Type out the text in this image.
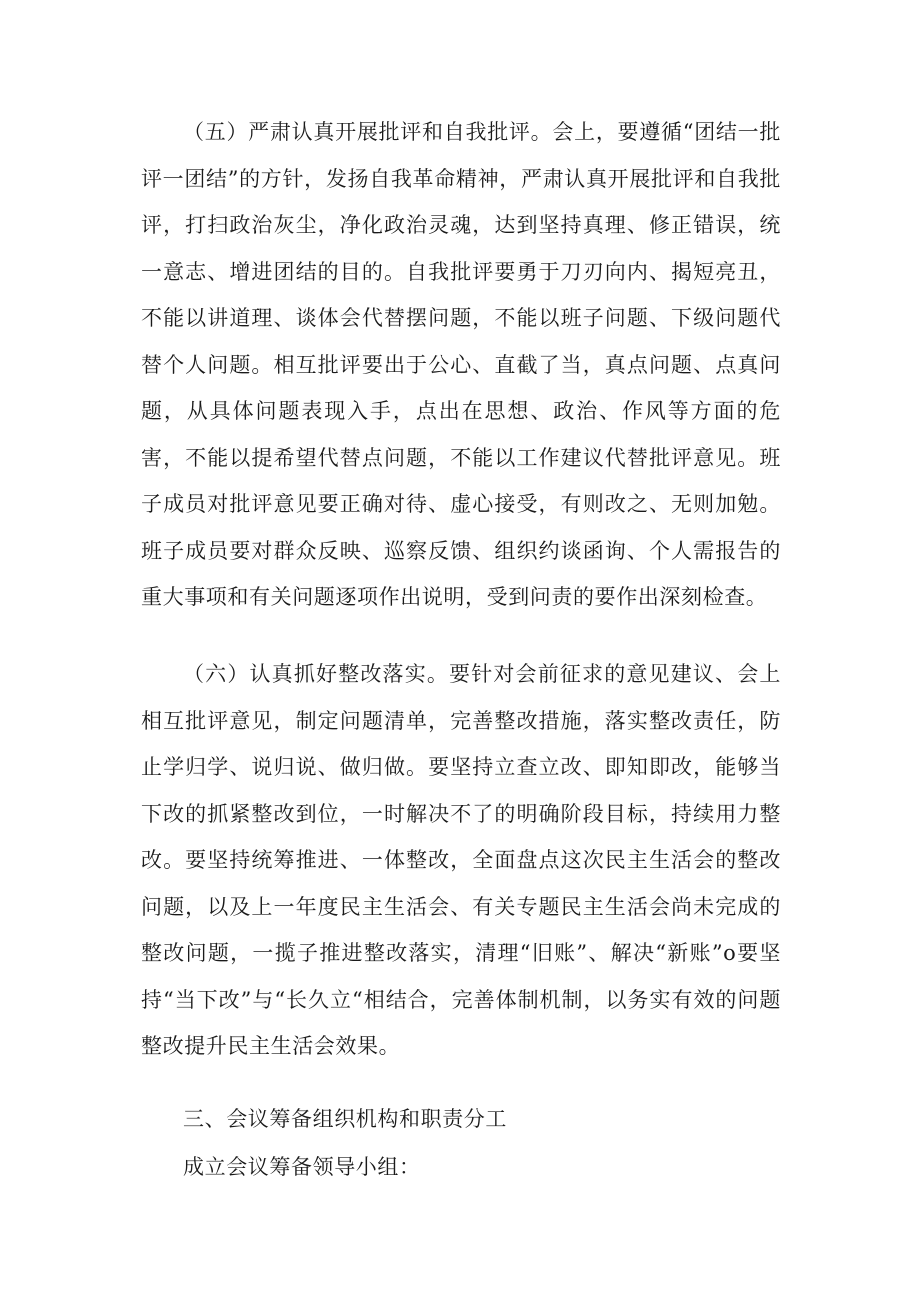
（五）严肃认真开展批评和自我批评。会上，要遵循“团结一批评一团结”的方针，发扬自我革命精神，严肃认真开展批评和自我批评，打扫政治灰尘，净化政治灵魂，达到坚持真理、修正错误，统一意志、增进团结的目的。自我批评要勇于刀刃向内、揭短亮丑，不能以讲道理、谈体会代替摆问题，不能以班子问题、下级问题代替个人问题。相互批评要出于公心、直截了当，真点问题、点真问题，从具体问题表现入手，点出在思想、政治、作风等方面的危害，不能以提希望代替点问题，不能以工作建议代替批评意见。班子成员对批评意见要正确对待、虚心接受，有则改之、无则加勉。班子成员要对群众反映、巡察反馈、组织约谈函询、个人需报告的重大事项和有关问题逐项作出说明，受到问责的要作出深刻检查。

（六）认真抓好整改落实。要针对会前征求的意见建议、会上相互批评意见，制定问题清单，完善整改措施，落实整改责任，防止学归学、说归说、做归做。要坚持立查立改、即知即改，能够当下改的抓紧整改到位，一时解决不了的明确阶段目标，持续用力整改。要坚持统筹推进、一体整改，全面盘点这次民主生活会的整改问题，以及上一年度民主生活会、有关专题民主生活会尚未完成的整改问题，一揽子推进整改落实，清理“旧账”、解决“新账”o要坚持“当下改”与“长久立“相结合，完善体制机制，以务实有效的问题整改提升民主生活会效果。

三、会议筹备组织机构和职责分工

成立会议筹备领导小组：
